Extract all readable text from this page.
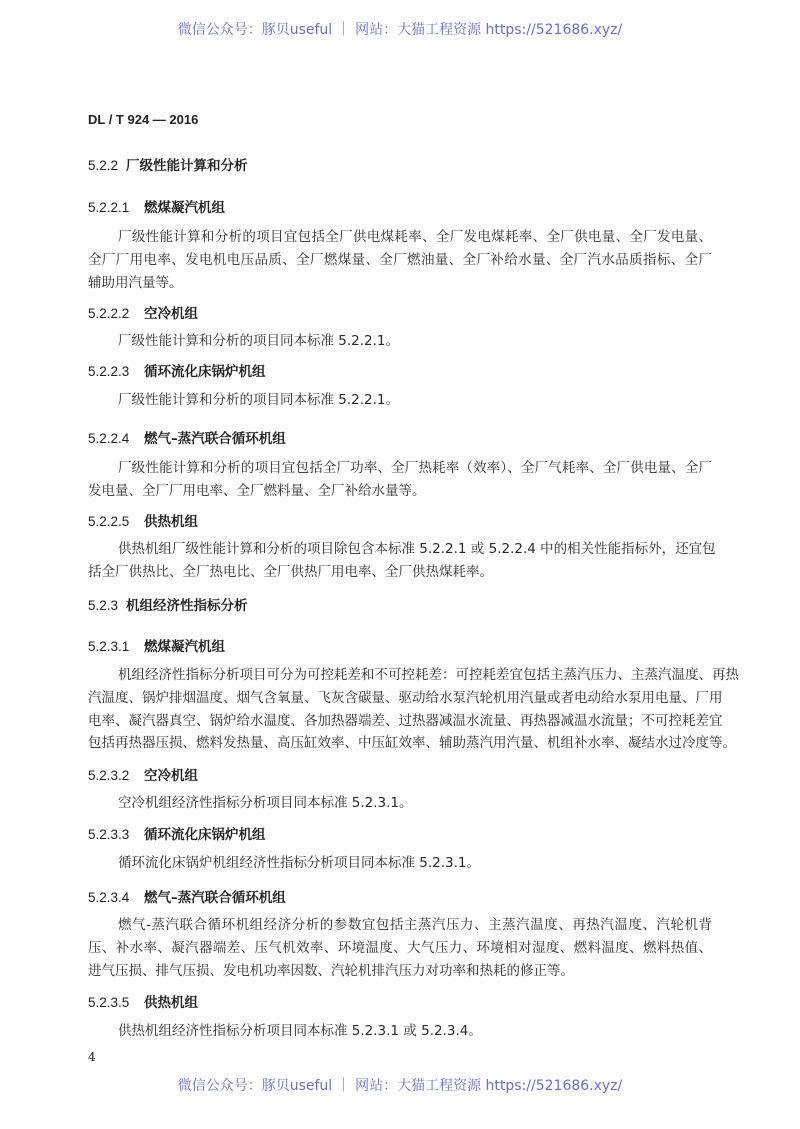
微信公众号：豚贝useful ｜ 网站：大猫工程资源 https://521686.xyz/
DL / T 924 — 2016
5.2.2 厂级性能计算和分析
5.2.2.1 燃煤凝汽机组
厂级性能计算和分析的项目宜包括全厂供电煤耗率、全厂发电煤耗率、全厂供电量、全厂发电量、
全厂厂用电率、发电机电压品质、全厂燃煤量、全厂燃油量、全厂补给水量、全厂汽水品质指标、全厂
辅助用汽量等。
5.2.2.2 空冷机组
厂级性能计算和分析的项目同本标准 5.2.2.1。
5.2.2.3 循环流化床锅炉机组
厂级性能计算和分析的项目同本标准 5.2.2.1。
5.2.2.4 燃气–蒸汽联合循环机组
厂级性能计算和分析的项目宜包括全厂功率、全厂热耗率（效率）、全厂气耗率、全厂供电量、全厂
发电量、全厂厂用电率、全厂燃料量、全厂补给水量等。
5.2.2.5 供热机组
供热机组厂级性能计算和分析的项目除包含本标准 5.2.2.1 或 5.2.2.4 中的相关性能指标外，还宜包
括全厂供热比、全厂热电比、全厂供热厂用电率、全厂供热煤耗率。
5.2.3 机组经济性指标分析
5.2.3.1 燃煤凝汽机组
机组经济性指标分析项目可分为可控耗差和不可控耗差：可控耗差宜包括主蒸汽压力、主蒸汽温度、再热
汽温度、锅炉排烟温度、烟气含氧量、飞灰含碳量、驱动给水泵汽轮机用汽量或者电动给水泵用电量、厂用
电率、凝汽器真空、锅炉给水温度、各加热器端差、过热器减温水流量、再热器减温水流量；不可控耗差宜
包括再热器压损、燃料发热量、高压缸效率、中压缸效率、辅助蒸汽用汽量、机组补水率、凝结水过冷度等。
5.2.3.2 空冷机组
空冷机组经济性指标分析项目同本标准 5.2.3.1。
5.2.3.3 循环流化床锅炉机组
循环流化床锅炉机组经济性指标分析项目同本标准 5.2.3.1。
5.2.3.4 燃气–蒸汽联合循环机组
燃气-蒸汽联合循环机组经济分析的参数宜包括主蒸汽压力、主蒸汽温度、再热汽温度、汽轮机背
压、补水率、凝汽器端差、压气机效率、环境温度、大气压力、环境相对湿度、燃料温度、燃料热值、
进气压损、排气压损、发电机功率因数、汽轮机排汽压力对功率和热耗的修正等。
5.2.3.5 供热机组
供热机组经济性指标分析项目同本标准 5.2.3.1 或 5.2.3.4。
4
微信公众号：豚贝useful ｜ 网站：大猫工程资源 https://521686.xyz/
